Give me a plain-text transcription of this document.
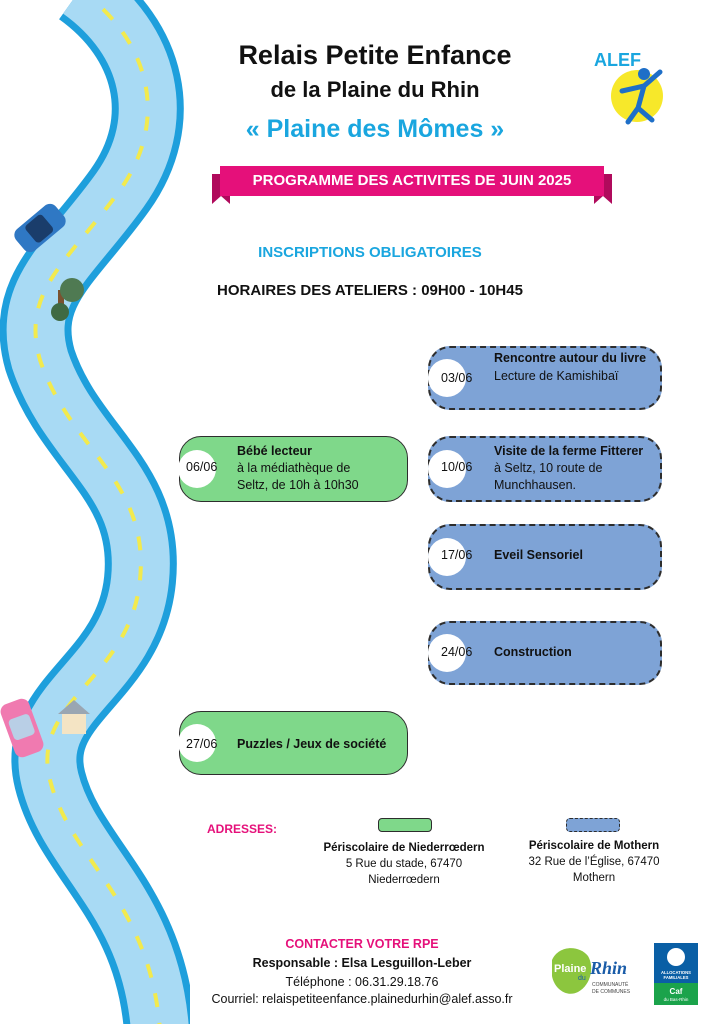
Relais Petite Enfance
de la Plaine du Rhin
« Plaine des Mômes »
ALEF
PROGRAMME DES ACTIVITES DE JUIN 2025
INSCRIPTIONS OBLIGATOIRES
HORAIRES DES ATELIERS : 09H00 - 10H45
03/06
Rencontre autour du livre
Lecture de Kamishibaï
06/06
Bébé lecteur
à la médiathèque de
Seltz, de 10h à 10h30
10/06
Visite de la ferme Fitterer
à Seltz, 10 route de
Munchhausen.
17/06 Eveil Sensoriel
24/06 Construction
27/06 Puzzles / Jeux de société
ADRESSES:
Périscolaire de Niederrœdern
5 Rue du stade, 67470
Niederrœdern
Périscolaire de Mothern
32 Rue de l’Église, 67470
Mothern
CONTACTER VOTRE RPE
Responsable : Elsa Lesguillon-Leber
Téléphone : 06.31.29.18.76
Courriel: relaispetiteenfance.plainedurhin@alef.asso.fr
Plaine
du
Rhin
COMMUNAUTÉ
DE COMMUNES
ALLOCATIONS
FAMILIALES
Caf
du Bas-Rhin
